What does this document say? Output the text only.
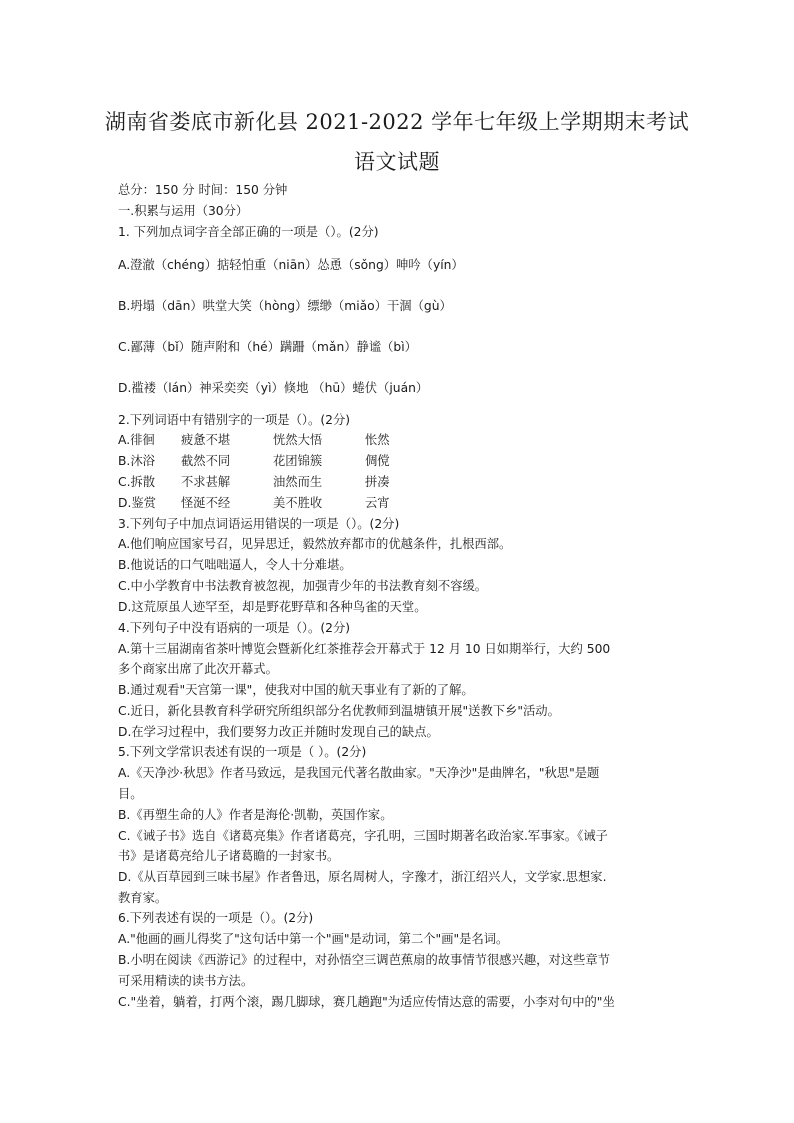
湖南省娄底市新化县 2021-2022 学年七年级上学期期末考试
语文试题
总分：150 分 时间：150 分钟
一.积累与运用（30分）
1. 下列加点词字音全部正确的一项是（）。(2分)
A.澄澈（chéng）掂轻怕重（niān）怂恿（sǒng）呻吟（yín）
B.坍塌（dān）哄堂大笑（hòng）缥缈（miǎo）干涸（gù）
C.鄙薄（bǐ）随声附和（hé）蹒跚（mǎn）静谧（bì）
D.褴褛（lán）神采奕奕（yì）倏地 （hū）蜷伏（juán）
2.下列词语中有错别字的一项是（）。(2分)
A.徘徊 疲惫不堪	恍然大悟	怅然
B.沐浴 截然不同	花团锦簇	倜傥
C.拆散 不求甚解	油然而生	拼凑
D.鉴赏 怪涎不经	美不胜收	云宵
3.下列句子中加点词语运用错误的一项是（）。(2分)
A.他们响应国家号召，见异思迁，毅然放弃都市的优越条件，扎根西部。
B.他说话的口气咄咄逼人，令人十分难堪。
C.中小学教育中书法教育被忽视，加强青少年的书法教育刻不容缓。
D.这荒原虽人迹罕至，却是野花野草和各种鸟雀的天堂。
4.下列句子中没有语病的一项是（）。(2分)
A.第十三届湖南省茶叶博览会暨新化红茶推荐会开幕式于 12 月 10 日如期举行，大约 500
多个商家出席了此次开幕式。
B.通过观看"天宫第一课"，使我对中国的航天事业有了新的了解。
C.近日，新化县教育科学研究所组织部分名优教师到温塘镇开展"送教下乡"活动。
D.在学习过程中，我们要努力改正并随时发现自己的缺点。
5.下列文学常识表述有误的一项是（ ）。(2分)
A.《天净沙·秋思》作者马致远，是我国元代著名散曲家。"天净沙"是曲牌名，"秋思"是题
目。
B.《再塑生命的人》作者是海伦·凯勒，英国作家。
C.《诫子书》选自《诸葛亮集》作者诸葛亮，字孔明，三国时期著名政治家.军事家。《诫子
书》是诸葛亮给儿子诸葛瞻的一封家书。
D.《从百草园到三味书屋》作者鲁迅，原名周树人，字豫才，浙江绍兴人，文学家.思想家.
教育家。
6.下列表述有误的一项是（）。(2分)
A."他画的画儿得奖了"这句话中第一个"画"是动词，第二个"画"是名词。
B.小明在阅读《西游记》的过程中，对孙悟空三调芭蕉扇的故事情节很感兴趣，对这些章节
可采用精读的读书方法。
C."坐着，躺着，打两个滚，踢几脚球，赛几趟跑"为适应传情达意的需要，小李对句中的"坐
